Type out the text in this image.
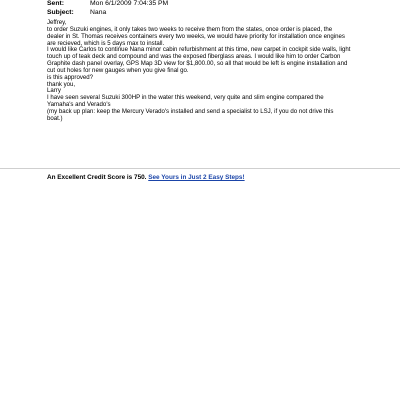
Sent:	Mon 6/1/2009 7:04:35 PM
Subject:	Nana
Jeffrey,
to order Suzuki engines, it only takes two weeks to receive them from the states, once order is placed, the
dealer in St. Thomas receives containers every two weeks, we would have priority for installation once engines
are recieved, which is 5 days max to install.
I would like Carlos to continue Nana minor cabin refurbishment at this time, new carpet in cockpit side walls, light
touch up of teak deck and compound and was the exposed fiberglass areas. I would like him to order Carbon
Graphite dash panel overlay, GPS Map 3D view for $1,800.00, so all that would be left is engine installation and
cut out holes for new gauges when you give final go.
is this approved?
thank you,
Larry
I have seen several Suzuki 300HP in the water this weekend, very quite and slim engine compared the
Yamaha's and Verado's
(my back up plan: keep the Mercury Verado's installed and send a specialist to LSJ, if you do not drive this
boat.)
An Excellent Credit Score is 750. See Yours in Just 2 Easy Steps!
